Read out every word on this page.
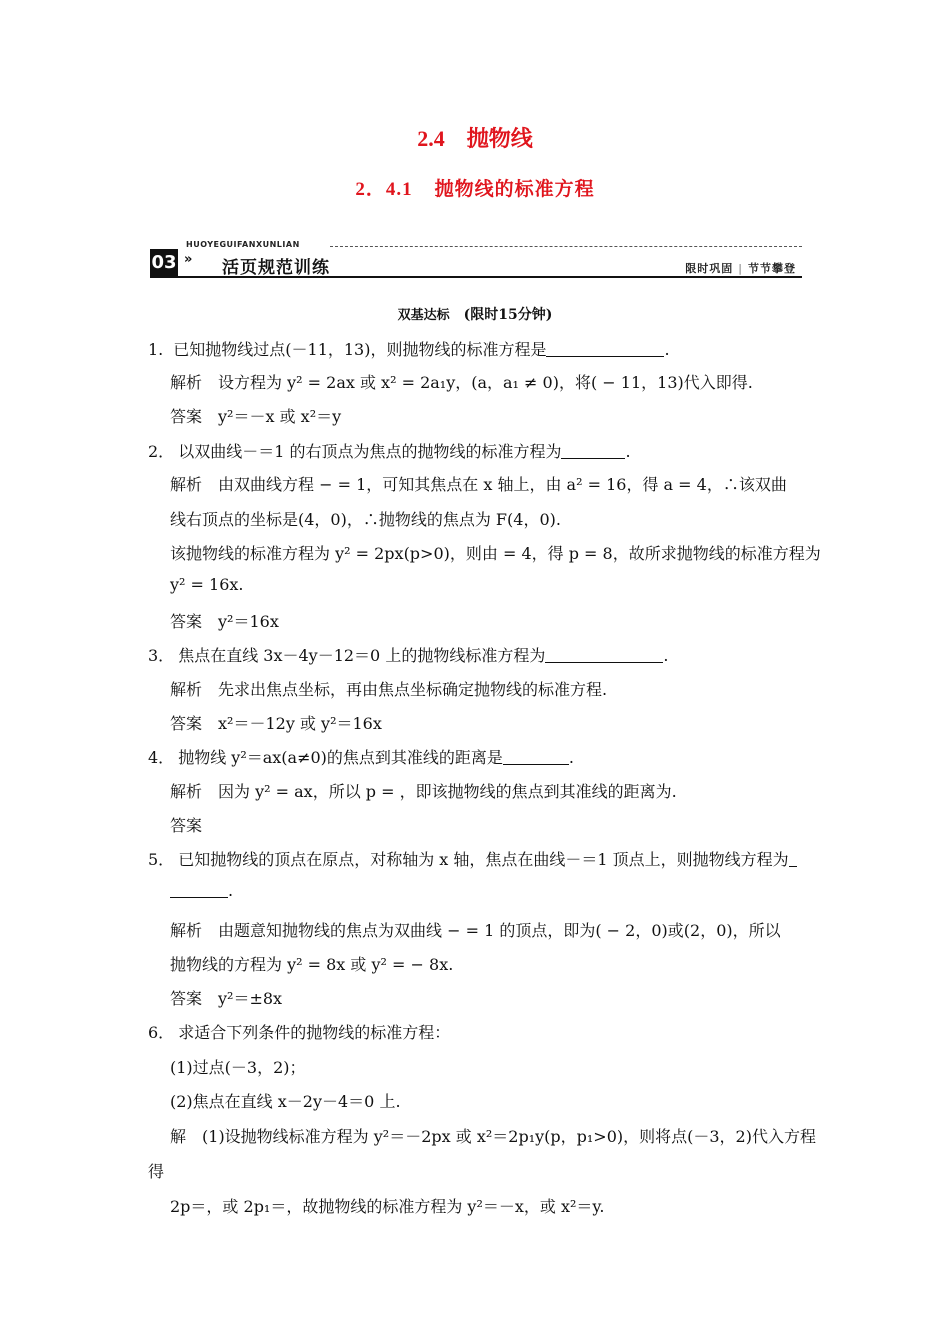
2.4 抛物线
2．4.1 抛物线的标准方程
HUOYEGUIFANXUNLIAN
03 » 活页规范训练	限时巩固 | 节节攀登
双基达标 (限时15分钟)
1. 已知抛物线过点(－11，13)，则抛物线的标准方程是	.
解析 设方程为 y² = 2ax 或 x² = 2a₁y，(a，a₁ ≠ 0)，将( − 11，13)代入即得.
答案 y²＝－x 或 x²＝y
2． 以双曲线－＝1 的右顶点为焦点的抛物线的标准方程为	.
解析 由双曲线方程 − = 1，可知其焦点在 x 轴上，由 a² = 16，得 a = 4，∴该双曲
线右顶点的坐标是(4，0)，∴抛物线的焦点为 F(4，0).
该抛物线的标准方程为 y² = 2px(p>0)，则由 = 4，得 p = 8，故所求抛物线的标准方程为
y² = 16x.
答案 y²＝16x
3． 焦点在直线 3x－4y－12＝0 上的抛物线标准方程为	.
解析 先求出焦点坐标，再由焦点坐标确定抛物线的标准方程.
答案 x²＝－12y 或 y²＝16x
4． 抛物线 y²＝ax(a≠0)的焦点到其准线的距离是	.
解析 因为 y² = ax，所以 p = ，即该抛物线的焦点到其准线的距离为.
答案
5． 已知抛物线的顶点在原点，对称轴为 x 轴，焦点在曲线－＝1 顶点上，则抛物线方程为
.
解析 由题意知抛物线的焦点为双曲线 − = 1 的顶点，即为( − 2，0)或(2，0)，所以
抛物线的方程为 y² = 8x 或 y² = − 8x.
答案 y²＝±8x
6． 求适合下列条件的抛物线的标准方程：
(1)过点(－3，2)；
(2)焦点在直线 x－2y－4＝0 上.
解 (1)设抛物线标准方程为 y²＝－2px 或 x²＝2p₁y(p，p₁>0)，则将点(－3，2)代入方程
得
2p＝，或 2p₁＝，故抛物线的标准方程为 y²＝－x，或 x²＝y.
